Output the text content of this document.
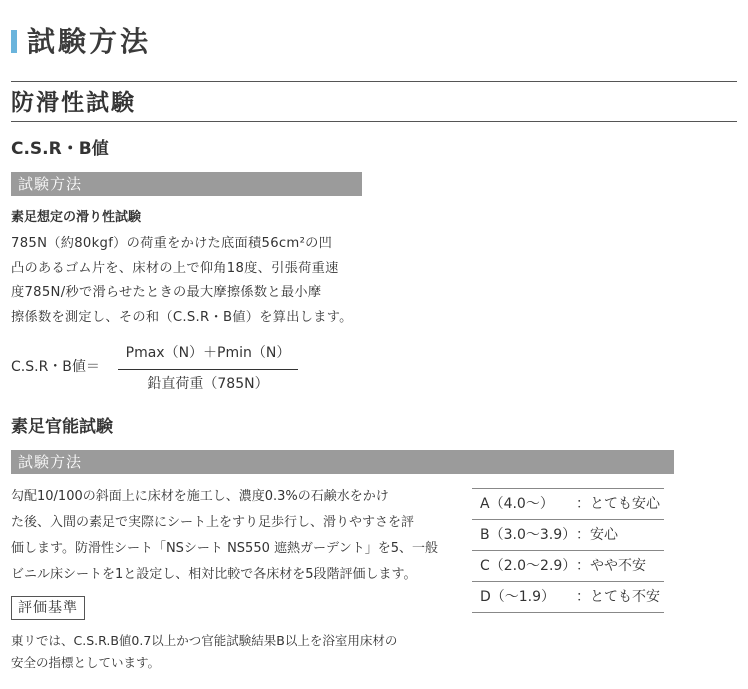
試験方法
防滑性試験
C.S.R・B値
試験方法
素足想定の滑り性試験
785N（約80kgf）の荷重をかけた底面積56cm²の凹
凸のあるゴム片を、床材の上で仰角18度、引張荷重速
度785N/秒で滑らせたときの最大摩擦係数と最小摩
擦係数を測定し、その和（C.S.R・B値）を算出します。
C.S.R・B値＝
Pmax（N）＋Pmin（N）
鉛直荷重（785N）
素足官能試験
試験方法
勾配10/100の斜面上に床材を施工し、濃度0.3%の石鹸水をかけ
た後、入間の素足で実際にシート上をすり足歩行し、滑りやすさを評
価します。防滑性シート「NSシート NS550 遮熱ガーデント」を5、一般
ビニル床シートを1と設定し、相対比較で各床材を5段階評価します。
A（4.0〜） ：とても安心
B（3.0〜3.9） ：安心
C（2.0〜2.9） ：やや不安
D（〜1.9） ：とても不安
評価基準
東リでは、C.S.R.B値0.7以上かつ官能試験結果B以上を浴室用床材の
安全の指標としています。
